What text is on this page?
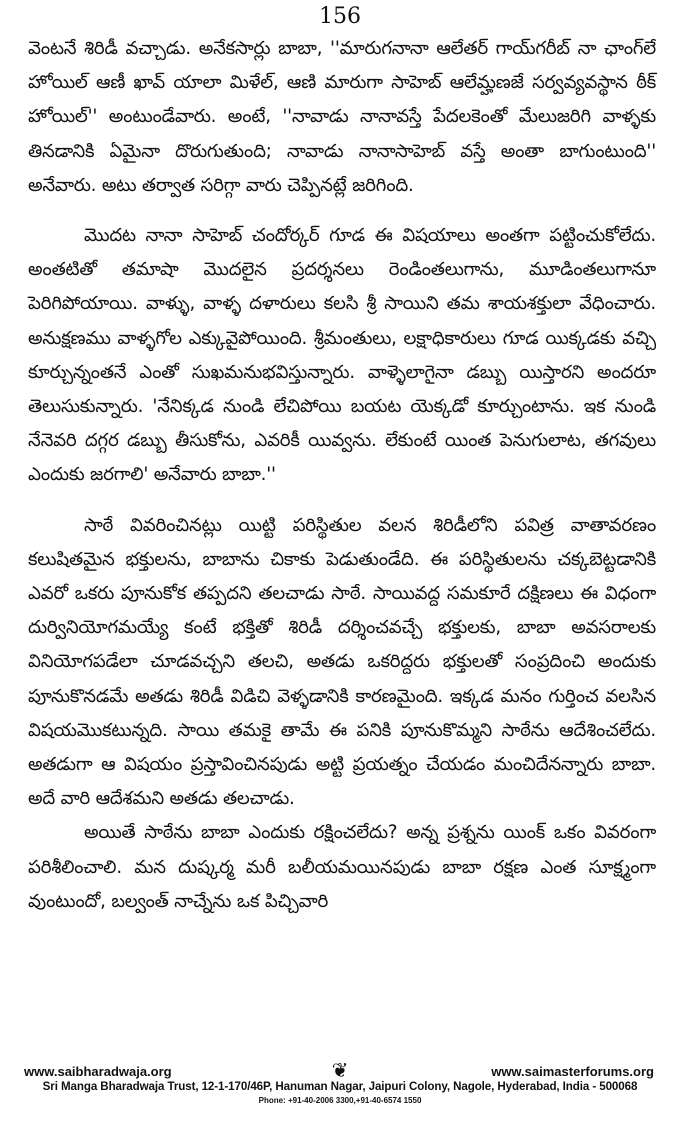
156

వెంటనే శిరిడీ వచ్చాడు. అనేకసార్లు బాబా, ''మారుగనానా ఆలేతర్ గాయ్‌గరీబ్ నా ఛాంగ్‌లే హోయిల్ ఆణీ ఖావ్ యాలా మిళేల్, ఆణి మారుగా సాహెబ్ ఆలేమ్హణజే సర్వవ్యవస్థాన ఠీక్ హోయిల్'' అంటుండేవారు. అంటే, ''నావాడు నానావస్తే పేదలకెంతో మేలుజరిగి వాళ్ళకు తినడానికి ఏమైనా దొరుగుతుంది; నావాడు నానాసాహెబ్ వస్తే అంతా బాగుంటుంది'' అనేవారు. అటు తర్వాత సరిగ్గా వారు చెప్పినట్లే జరిగింది.

మొదట నానా సాహెబ్ చందోర్కర్ గూడ ఈ విషయాలు అంతగా పట్టించుకోలేదు. అంతటితో తమాషా మొదలైన ప్రదర్శనలు రెండింతలుగాను, మూడింతలుగానూ పెరిగిపోయాయి. వాళ్ళు, వాళ్ళ దళారులు కలసి శ్రీ సాయిని తమ శాయశక్తులా వేధించారు. అనుక్షణము వాళ్ళగోల ఎక్కువైపోయింది. శ్రీమంతులు, లక్షాధికారులు గూడ యిక్కడకు వచ్చి కూర్చున్నంతనే ఎంతో సుఖమనుభవిస్తున్నారు. వాళ్ళెలాగైనా డబ్బు యిస్తారని అందరూ తెలుసుకున్నారు. 'నేనిక్కడ నుండి లేచిపోయి బయట యెక్కడో కూర్చుంటాను. ఇక నుండి నేనెవరి దగ్గర డబ్బు తీసుకోను, ఎవరికీ యివ్వను. లేకుంటే యింత పెనుగులాట, తగవులు ఎందుకు జరగాలి' అనేవారు బాబా.''

సాఠే వివరించినట్లు యిట్టి పరిస్థితుల వలన శిరిడీలోని పవిత్ర వాతావరణం కలుషితమైన భక్తులను, బాబాను చికాకు పెడుతుండేది. ఈ పరిస్థితులను చక్కబెట్టడానికి ఎవరో ఒకరు పూనుకోక తప్పదని తలచాడు సాఠే. సాయివద్ద సమకూరే దక్షిణలు ఈ విధంగా దుర్వినియోగమయ్యే కంటే భక్తితో శిరిడీ దర్శించవచ్చే భక్తులకు, బాబా అవసరాలకు వినియోగపడేలా చూడవచ్చని తలచి, అతడు ఒకరిద్దరు భక్తులతో సంప్రదించి అందుకు పూనుకొనడమే అతడు శిరిడీ విడిచి వెళ్ళడానికి కారణమైంది. ఇక్కడ మనం గుర్తించ వలసిన విషయమొకటున్నది. సాయి తమకై తామే ఈ పనికి పూనుకొమ్మని సాఠేను ఆదేశించలేదు. అతడుగా ఆ విషయం ప్రస్తావించినపుడు అట్టి ప్రయత్నం చేయడం మంచిదేనన్నారు బాబా. అదే వారి ఆదేశమని అతడు తలచాడు.

అయితే సాఠేను బాబా ఎందుకు రక్షించలేదు? అన్న ప్రశ్నను యింక్ ఒకం వివరంగా పరిశీలించాలి. మన దుష్కర్మ మరీ బలీయమయినపుడు బాబా రక్షణ ఎంత సూక్ష్మంగా వుంటుందో, బల్వంత్ నాచ్నేను ఒక పిచ్చివారి

www.saibharadwaja.org	❦	www.saimasterforums.org
Sri Manga Bharadwaja Trust, 12-1-170/46P, Hanuman Nagar, Jaipuri Colony, Nagole, Hyderabad, India - 500068
Phone: +91-40-2006 3300,+91-40-6574 1550
